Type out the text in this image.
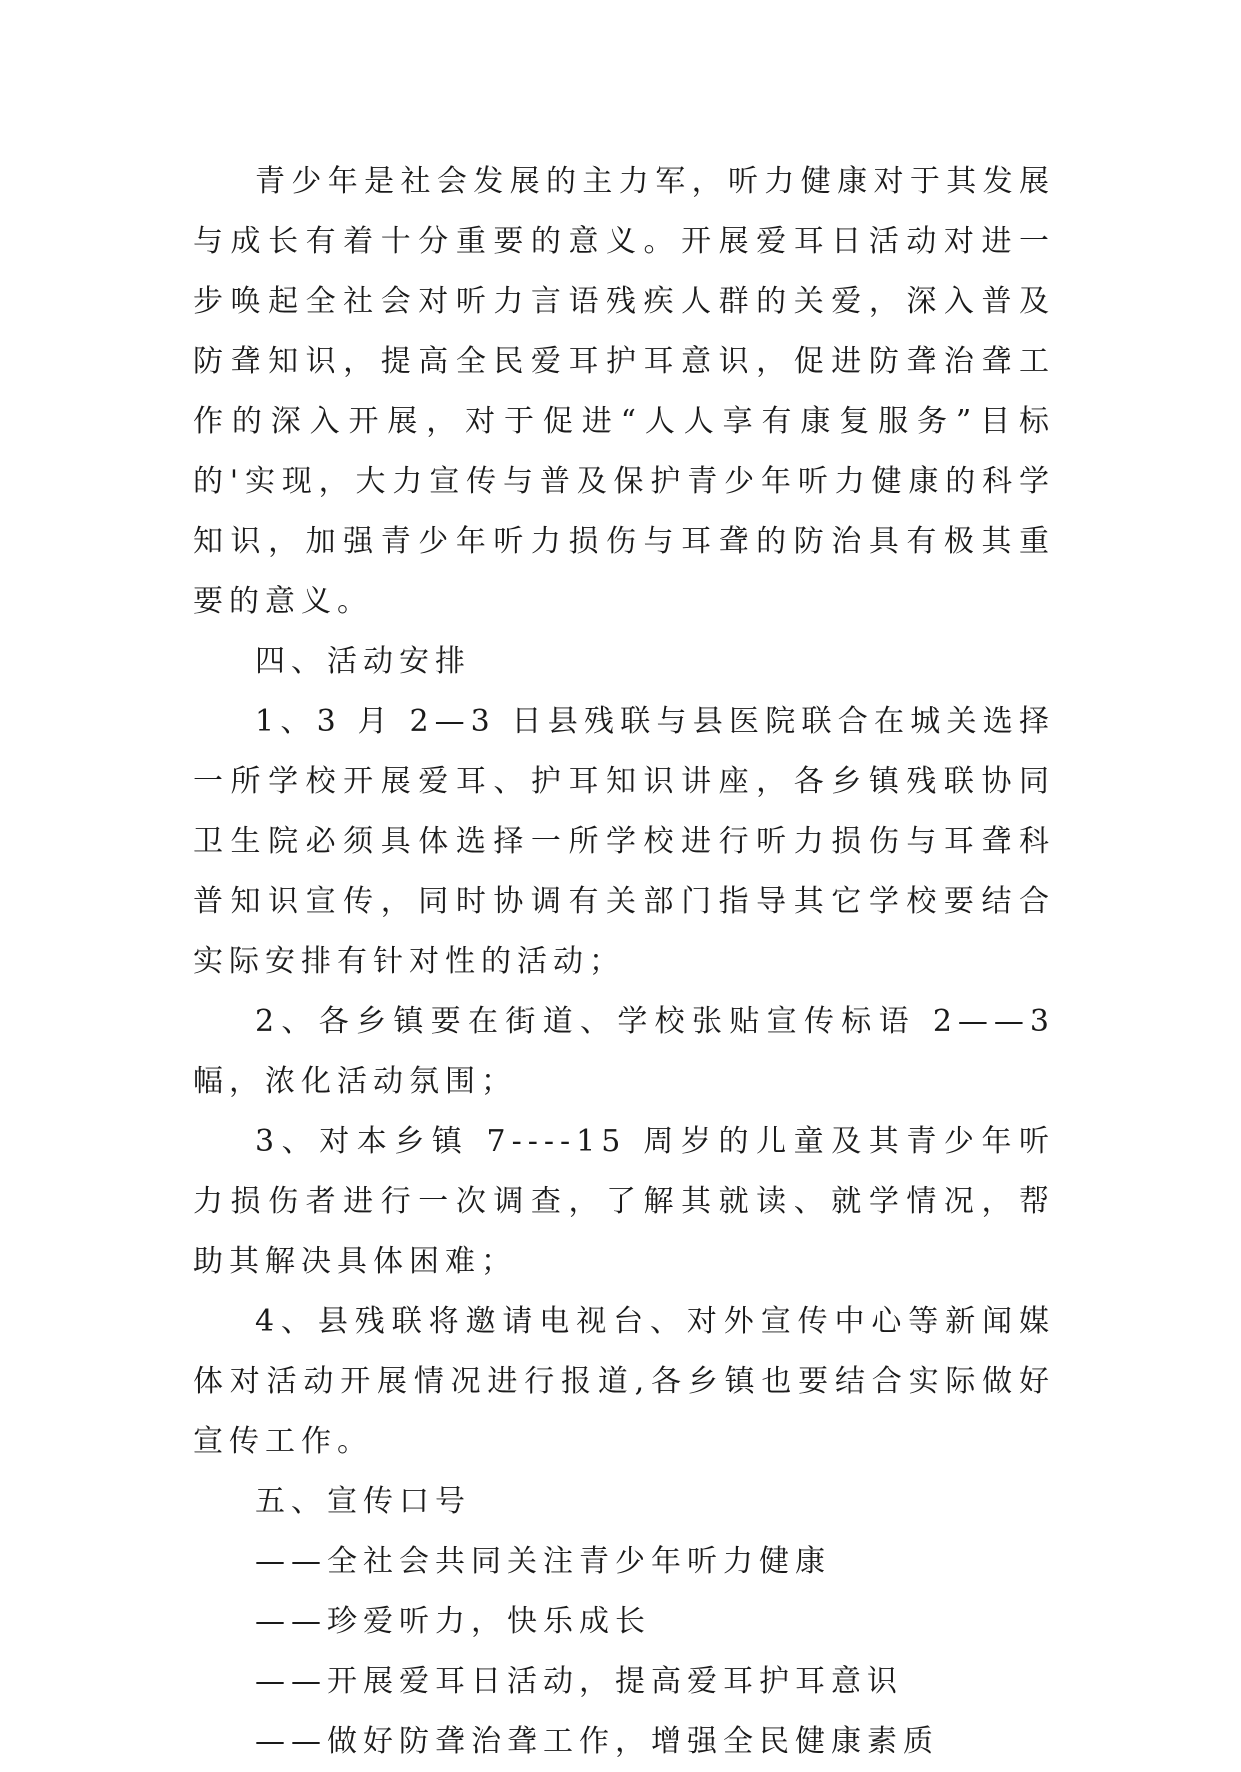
青少年是社会发展的主力军，听力健康对于其发展与成长有着十分重要的意义。开展爱耳日活动对进一步唤起全社会对听力言语残疾人群的关爱，深入普及防聋知识，提高全民爱耳护耳意识，促进防聋治聋工作的深入开展，对于促进“人人享有康复服务”目标的'实现，大力宣传与普及保护青少年听力健康的科学知识，加强青少年听力损伤与耳聋的防治具有极其重要的意义。

四、活动安排

1、3 月 2—3 日县残联与县医院联合在城关选择一所学校开展爱耳、护耳知识讲座，各乡镇残联协同卫生院必须具体选择一所学校进行听力损伤与耳聋科普知识宣传，同时协调有关部门指导其它学校要结合实际安排有针对性的活动；

2、各乡镇要在街道、学校张贴宣传标语 2——3 幅，浓化活动氛围；

3、对本乡镇 7----15 周岁的儿童及其青少年听力损伤者进行一次调查，了解其就读、就学情况，帮助其解决具体困难；

4、县残联将邀请电视台、对外宣传中心等新闻媒体对活动开展情况进行报道,各乡镇也要结合实际做好宣传工作。

五、宣传口号

——全社会共同关注青少年听力健康

——珍爱听力，快乐成长

——开展爱耳日活动，提高爱耳护耳意识

——做好防聋治聋工作，增强全民健康素质
